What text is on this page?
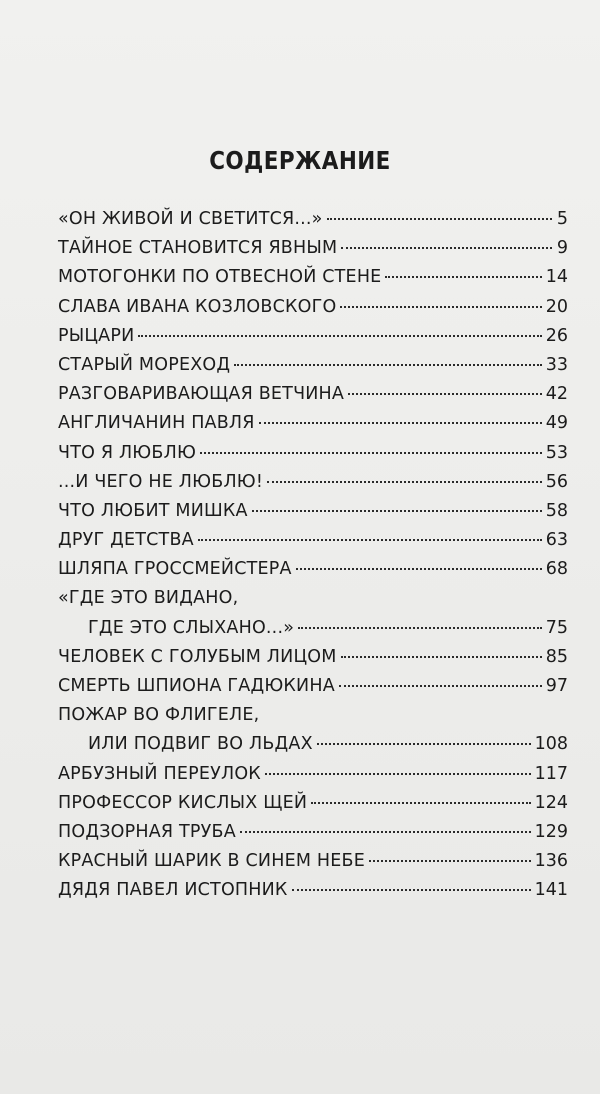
СОДЕРЖАНИЕ
«ОН ЖИВОЙ И СВЕТИТСЯ...»	5
ТАЙНОЕ СТАНОВИТСЯ ЯВНЫМ	9
МОТОГОНКИ ПО ОТВЕСНОЙ СТЕНЕ	14
СЛАВА ИВАНА КОЗЛОВСКОГО	20
РЫЦАРИ	26
СТАРЫЙ МОРЕХОД	33
РАЗГОВАРИВАЮЩАЯ ВЕТЧИНА	42
АНГЛИЧАНИН ПАВЛЯ	49
ЧТО Я ЛЮБЛЮ	53
...И ЧЕГО НЕ ЛЮБЛЮ!	56
ЧТО ЛЮБИТ МИШКА	58
ДРУГ ДЕТСТВА	63
ШЛЯПА ГРОССМЕЙСТЕРА	68
«ГДЕ ЭТО ВИДАНО,
ГДЕ ЭТО СЛЫХАНО...»	75
ЧЕЛОВЕК С ГОЛУБЫМ ЛИЦОМ	85
СМЕРТЬ ШПИОНА ГАДЮКИНА	97
ПОЖАР ВО ФЛИГЕЛЕ,
ИЛИ ПОДВИГ ВО ЛЬДАХ	108
АРБУЗНЫЙ ПЕРЕУЛОК	117
ПРОФЕССОР КИСЛЫХ ЩЕЙ	124
ПОДЗОРНАЯ ТРУБА	129
КРАСНЫЙ ШАРИК В СИНЕМ НЕБЕ	136
ДЯДЯ ПАВЕЛ ИСТОПНИК	141
